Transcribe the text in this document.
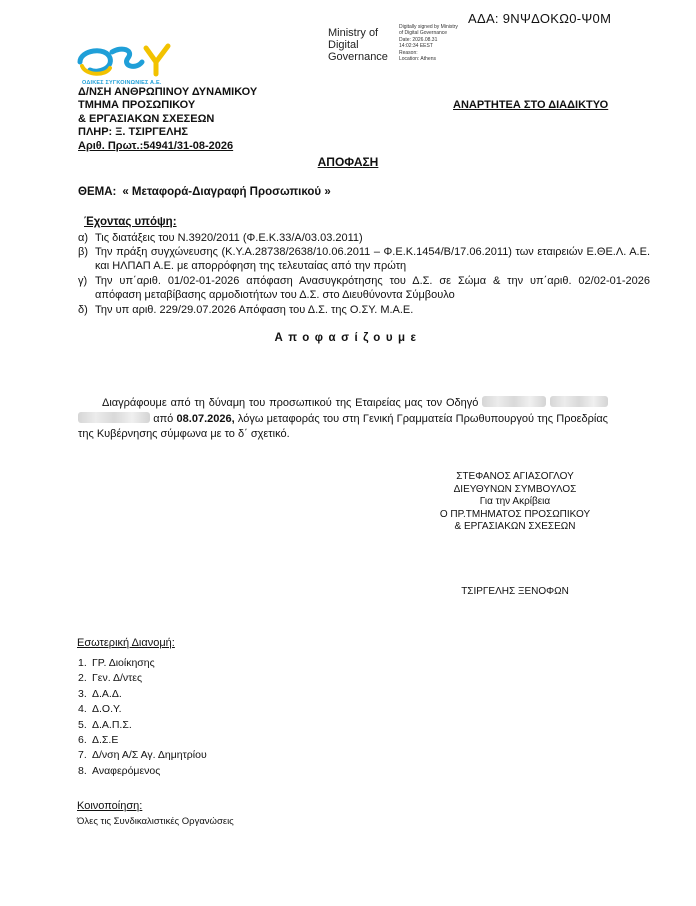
ΑΔΑ: 9ΝΨΔΟΚΩ0-Ψ0Μ
ΟΔΙΚΕΣ ΣΥΓΚΟΙΝΩΝΙΕΣ Α.Ε.
Ministry of
Digital
Governance
Digitally signed by Ministry
of Digital Governance
Date: 2026.08.31
14:02:34 EEST
Reason:
Location: Athens
Δ/ΝΣΗ ΑΝΘΡΩΠΙΝΟΥ ΔΥΝΑΜΙΚΟΥ
ΤΜΗΜΑ ΠΡΟΣΩΠΙΚΟΥ
& ΕΡΓΑΣΙΑΚΩΝ ΣΧΕΣΕΩΝ
ΠΛΗΡ: Ξ. ΤΣΙΡΓΕΛΗΣ
Αριθ. Πρωτ.:54941/31-08-2026
ΑΝΑΡΤΗΤΕΑ ΣΤΟ ΔΙΑΔΙΚΤΥΟ
ΑΠΟΦΑΣΗ
ΘΕΜΑ: « Μεταφορά-Διαγραφή Προσωπικού »
Έχοντας υπόψη:
α) Τις διατάξεις του Ν.3920/2011 (Φ.Ε.Κ.33/Α/03.03.2011)
β) Την πράξη συγχώνευσης (Κ.Υ.Α.28738/2638/10.06.2011 – Φ.Ε.Κ.1454/Β/17.06.2011) των εταιρειών Ε.ΘΕ.Λ. Α.Ε. και ΗΛΠΑΠ Α.Ε. με απορρόφηση της τελευταίας από την πρώτη
γ) Την υπ΄αριθ. 01/02-01-2026 απόφαση Ανασυγκρότησης του Δ.Σ. σε Σώμα & την υπ΄αριθ. 02/02-01-2026 απόφαση μεταβίβασης αρμοδιοτήτων του Δ.Σ. στο Διευθύνοντα Σύμβουλο
δ) Την υπ αριθ. 229/29.07.2026 Απόφαση του Δ.Σ. της Ο.ΣΥ. Μ.Α.Ε.
Αποφασίζουμε
Διαγράφουμε από τη δύναμη του προσωπικού της Εταιρείας μας τον Οδηγό    από 08.07.2026, λόγω μεταφοράς του στη Γενική Γραμματεία Πρωθυπουργού της Προεδρίας της Κυβέρνησης σύμφωνα με το δ΄ σχετικό.
ΣΤΕΦΑΝΟΣ ΑΓΙΑΣΟΓΛΟΥ
ΔΙΕΥΘΥΝΩΝ ΣΥΜΒΟΥΛΟΣ
Για την Ακρίβεια
Ο ΠΡ.ΤΜΗΜΑΤΟΣ ΠΡΟΣΩΠΙΚΟΥ
& ΕΡΓΑΣΙΑΚΩΝ ΣΧΕΣΕΩΝ
ΤΣΙΡΓΕΛΗΣ ΞΕΝΟΦΩΝ
Εσωτερική Διανομή:
1. ΓΡ. Διοίκησης
2. Γεν. Δ/ντες
3. Δ.Α.Δ.
4. Δ.Ο.Υ.
5. Δ.Α.Π.Σ.
6. Δ.Σ.Ε
7. Δ/νση Α/Σ Αγ. Δημητρίου
8. Αναφερόμενος
Κοινοποίηση:
Όλες τις Συνδικαλιστικές Οργανώσεις
